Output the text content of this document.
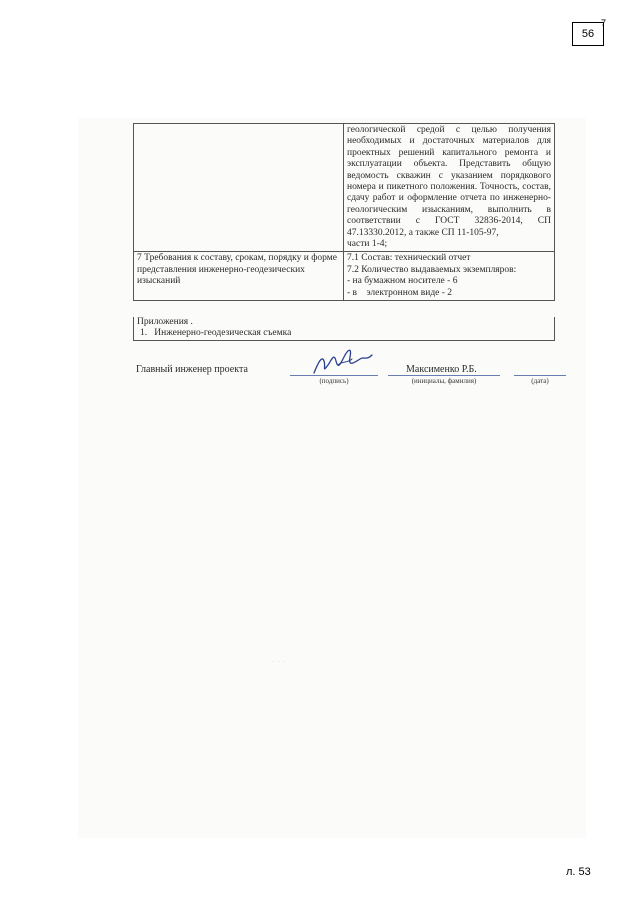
56
7

	геологической средой с целью получения необходимых и достаточных материалов для проектных решений капитального ремонта и эксплуатации объекта. Представить общую ведомость скважин с указанием порядкового номера и пикетного положения. Точность, состав, сдачу работ и оформление отчета по инженерно-геологическим изысканиям, выполнить в соответствии с ГОСТ 32836-2014, СП 47.13330.2012, а также СП 11-105-97,
части 1-4;

7 Требования к составу, срокам, порядку и форме представления инженерно-геодезических изысканий	7.1 Состав: технический отчет
7.2 Количество выдаваемых экземпляров:
- на бумажном носителе - 6
- в    электронном виде - 2
Приложения .
1.   Инженерно-геодезическая съемка
Главный инженер проекта
(подпись)
Максименко Р.Б.
(инициалы, фамилия)	(дата)
· · ·
л. 53
